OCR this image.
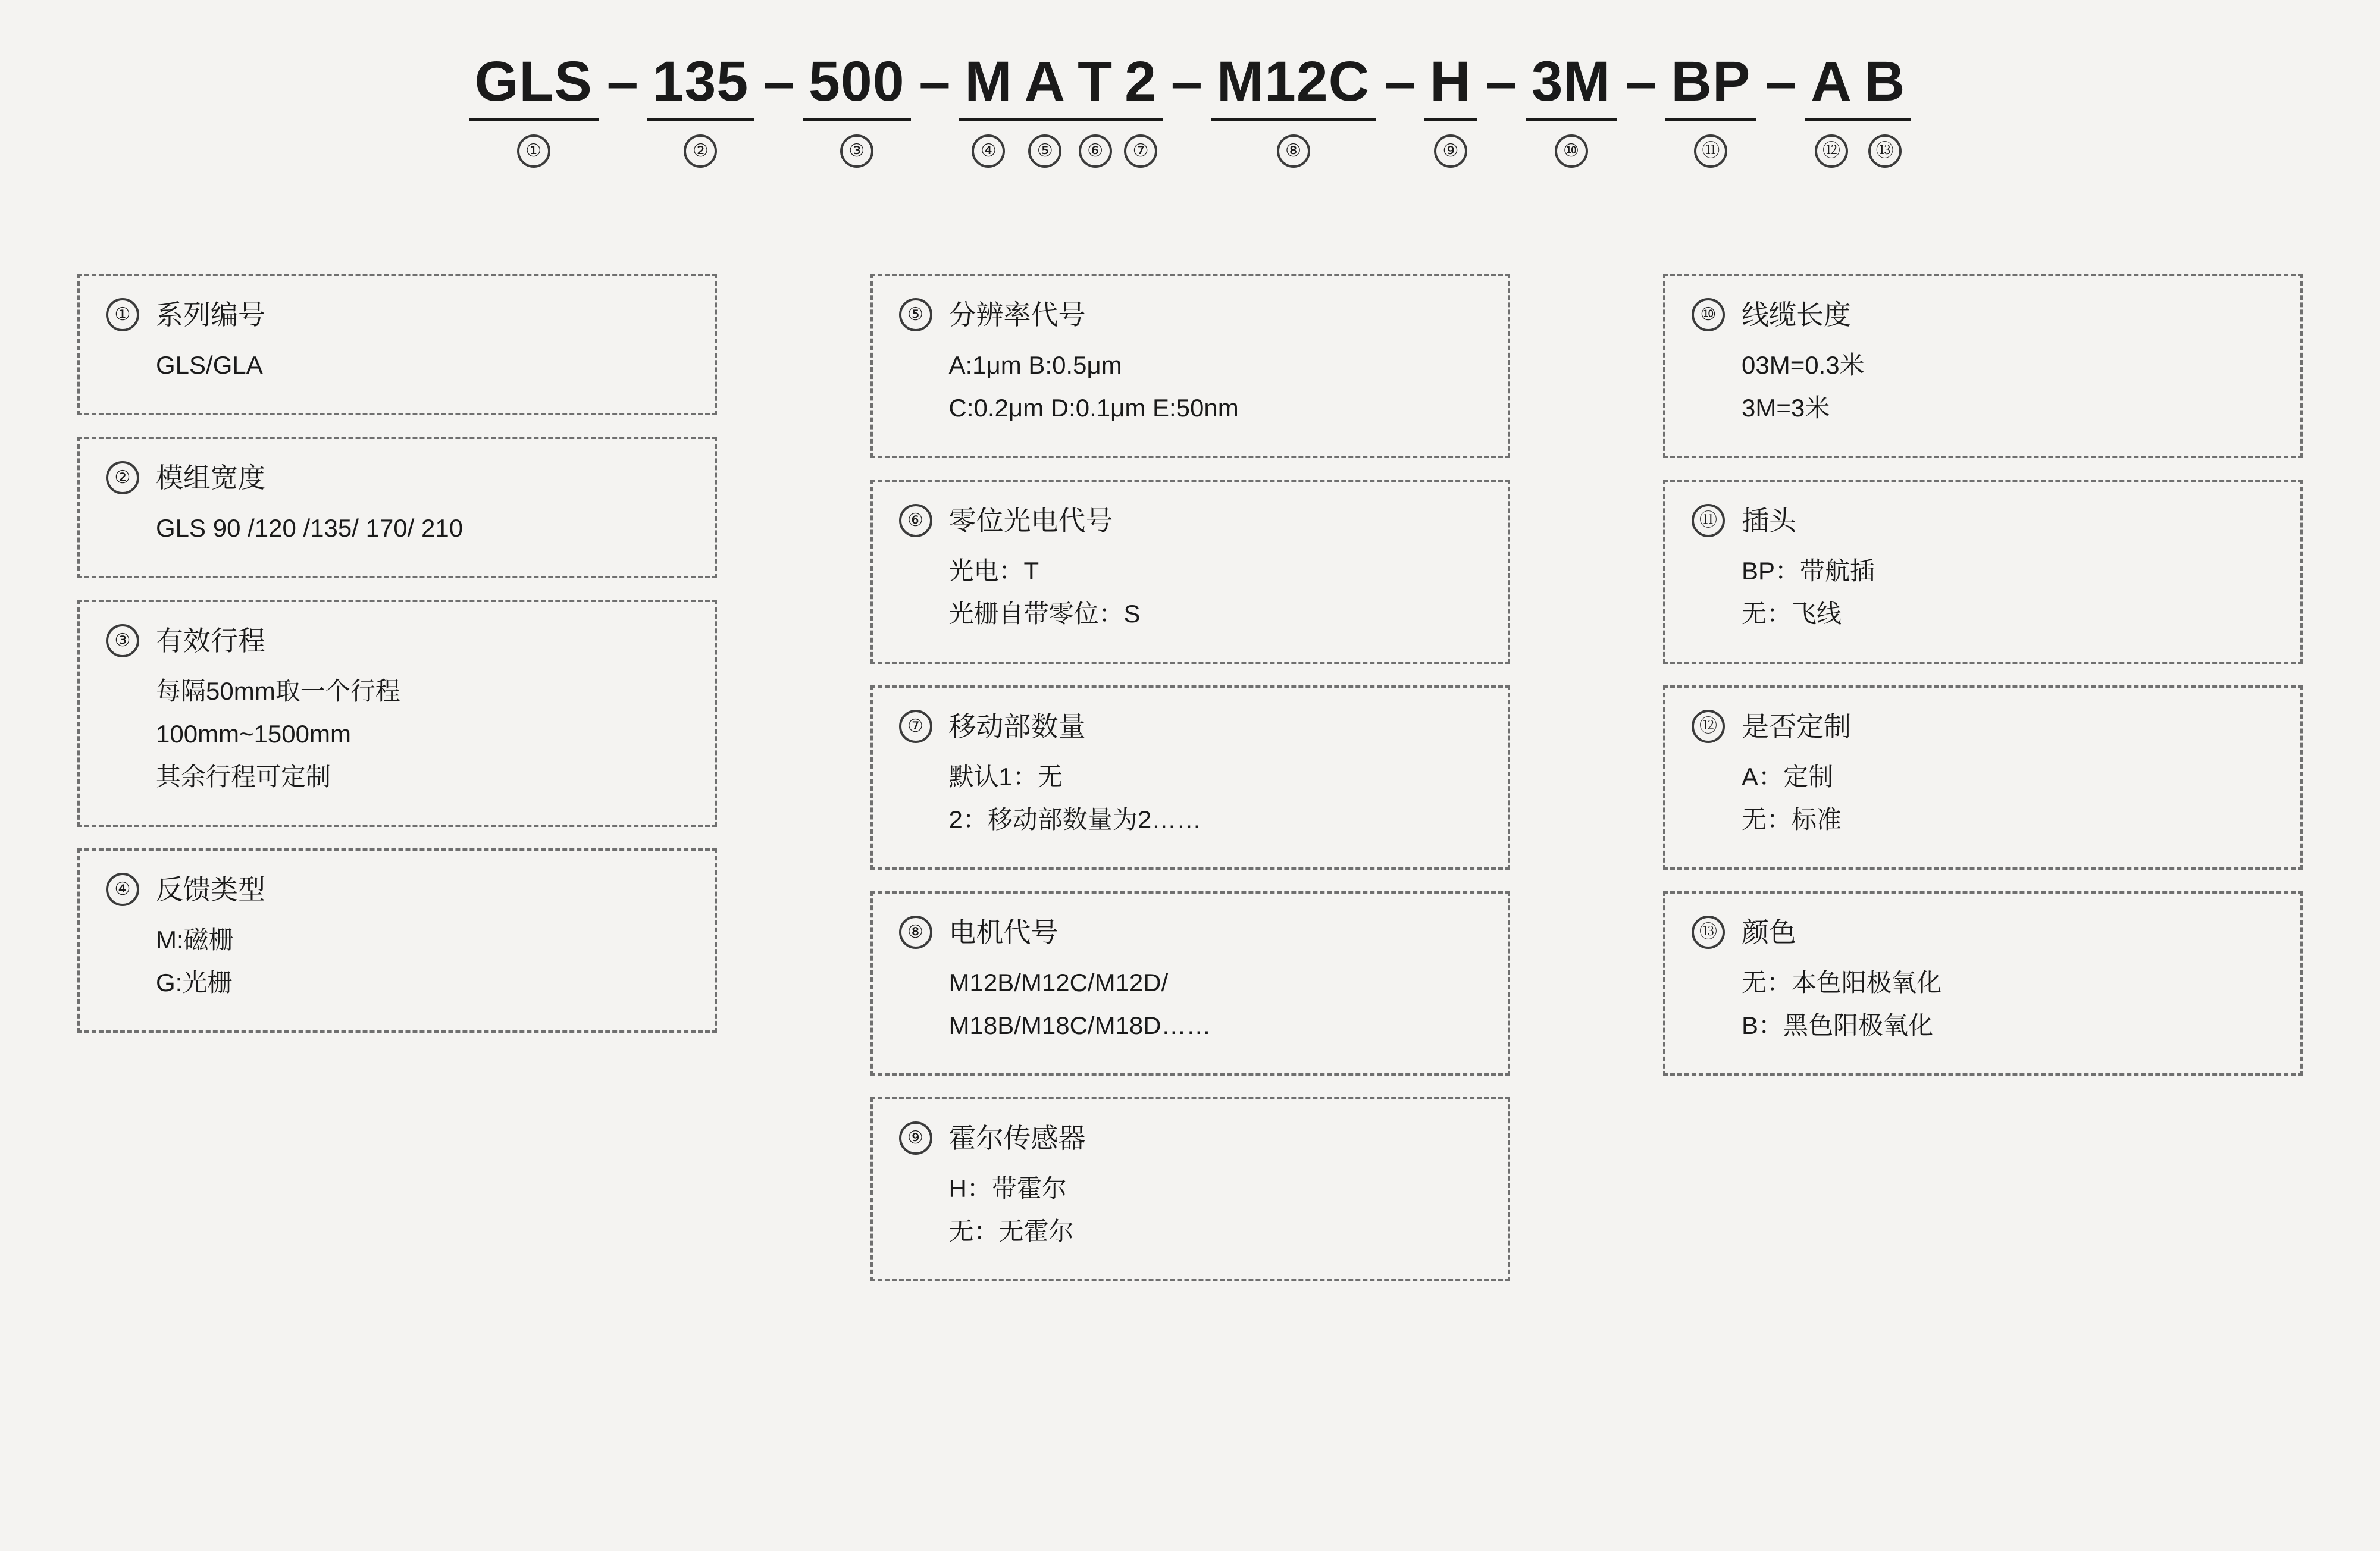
GLS
①
– 135
②
– 500
③
– M
④
A
⑤
T
⑥
2
⑦
– M12C
⑧
– H
⑨
– 3M
⑩
– BP
⑪
– A
⑫
B
⑬
① 系列编号
GLS/GLA
② 模组宽度
GLS 90 /120 /135/ 170/ 210
③ 有效行程
每隔50mm取一个行程
100mm~1500mm
其余行程可定制
④ 反馈类型
M:磁栅
G:光栅
⑤ 分辨率代号
A:1μm B:0.5μm
C:0.2μm D:0.1μm E:50nm
⑥ 零位光电代号
光电：T
光栅自带零位：S
⑦ 移动部数量
默认1：无
2：移动部数量为2……
⑧ 电机代号
M12B/M12C/M12D/
M18B/M18C/M18D……
⑨ 霍尔传感器
H：带霍尔
无：无霍尔
⑩ 线缆长度
03M=0.3米
3M=3米
⑪ 插头
BP：带航插
无：飞线
⑫ 是否定制
A：定制
无：标准
⑬ 颜色
无：本色阳极氧化
B：黑色阳极氧化
